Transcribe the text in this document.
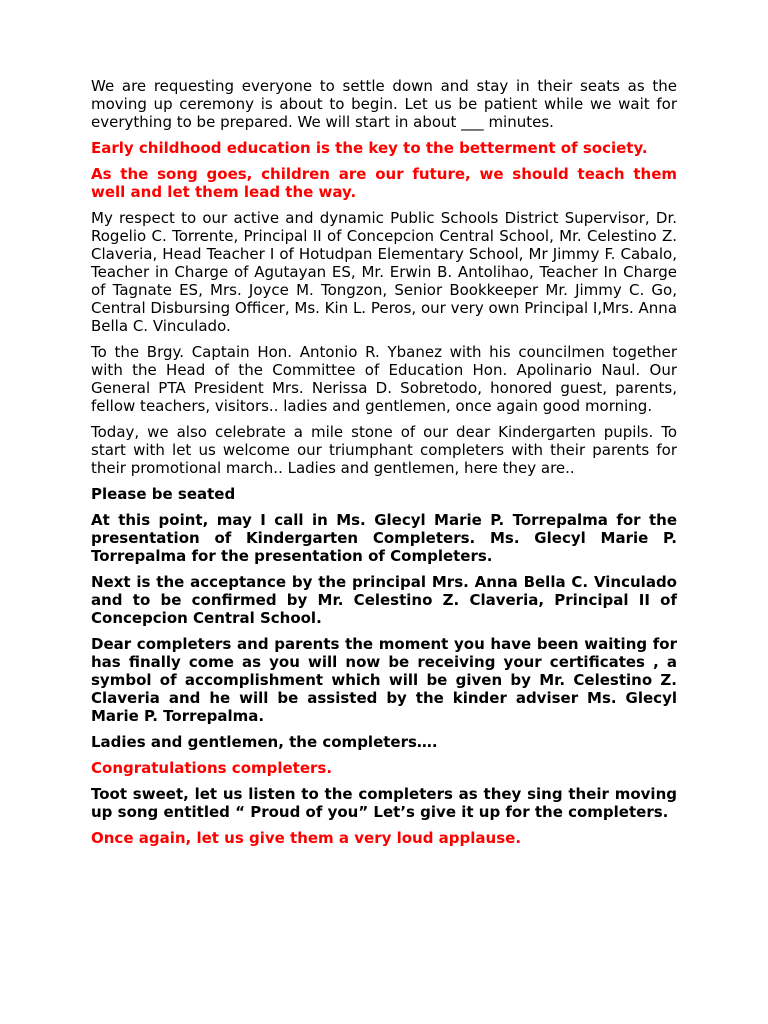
We are requesting everyone to settle down and stay in their seats as the moving up ceremony is about to begin. Let us be patient while we wait for everything to be prepared. We will start in about ___ minutes.

Early childhood education is the key to the betterment of society.

As the song goes, children are our future, we should teach them well and let them lead the way.

My respect to our active and dynamic Public Schools District Supervisor, Dr. Rogelio C. Torrente, Principal II of Concepcion Central School, Mr. Celestino Z. Claveria, Head Teacher I of Hotudpan Elementary School, Mr Jimmy F. Cabalo, Teacher in Charge of Agutayan ES, Mr. Erwin B. Antolihao, Teacher In Charge of Tagnate ES, Mrs. Joyce M. Tongzon, Senior Bookkeeper Mr. Jimmy C. Go, Central Disbursing Officer, Ms. Kin L. Peros, our very own Principal I,Mrs. Anna Bella C. Vinculado.

To the Brgy. Captain Hon. Antonio R. Ybanez with his councilmen together with the Head of the Committee of Education Hon. Apolinario Naul. Our General PTA President Mrs. Nerissa D. Sobretodo, honored guest, parents, fellow teachers, visitors.. ladies and gentlemen, once again good morning.

Today, we also celebrate a mile stone of our dear Kindergarten pupils. To start with let us welcome our triumphant completers with their parents for their promotional march.. Ladies and gentlemen, here they are..

Please be seated

At this point, may I call in Ms. Glecyl Marie P. Torrepalma for the presentation of Kindergarten Completers. Ms. Glecyl Marie P. Torrepalma for the presentation of Completers.

Next is the acceptance by the principal Mrs. Anna Bella C. Vinculado and to be confirmed by Mr. Celestino Z. Claveria, Principal II of Concepcion Central School.

Dear completers and parents the moment you have been waiting for has finally come as you will now be receiving your certificates , a symbol of accomplishment which will be given by Mr. Celestino Z. Claveria and he will be assisted by the kinder adviser Ms. Glecyl Marie P. Torrepalma.

Ladies and gentlemen, the completers….

Congratulations completers.

Toot sweet, let us listen to the completers as they sing their moving up song entitled “ Proud of you” Let’s give it up for the completers.

Once again, let us give them a very loud applause.
